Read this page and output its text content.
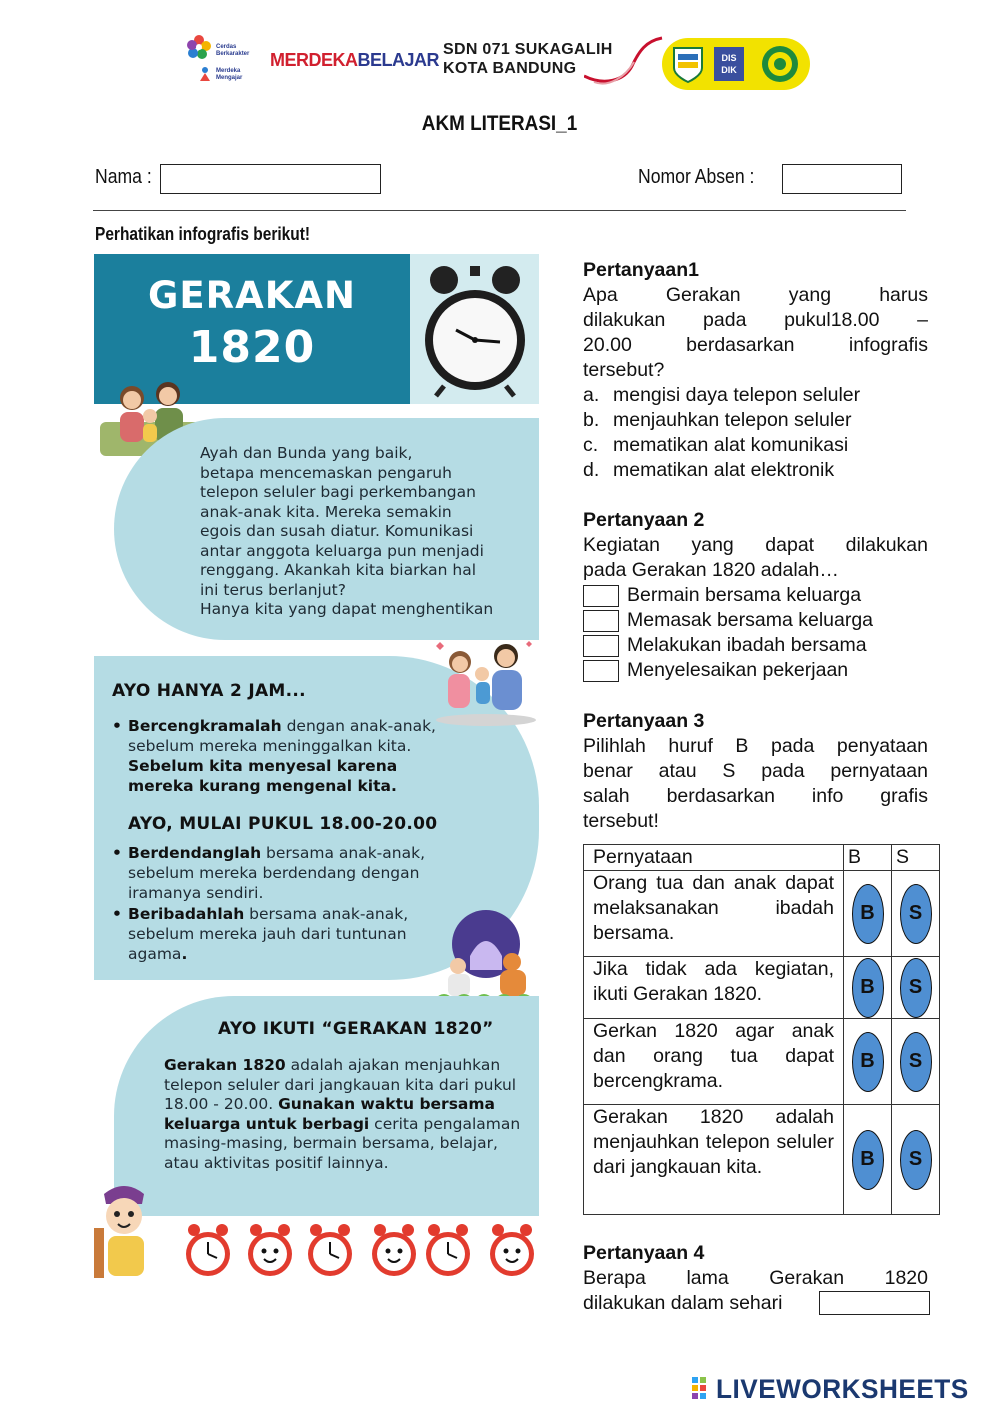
Cerdas
Berkarakter
Merdeka
Mengajar
MERDEKABELAJAR
SDN 071 SUKAGALIH
KOTA BANDUNG
DIS DIK
AKM LITERASI_1
Nama :	Nomor Absen :
Perhatikan infografis berikut!
GERAKAN
1820
Ayah dan Bunda yang baik,
betapa mencemaskan pengaruh
telepon seluler bagi perkembangan
anak-anak kita. Mereka semakin
egois dan susah diatur. Komunikasi
antar anggota keluarga pun menjadi
renggang. Akankah kita biarkan hal
ini terus berlanjut?
Hanya kita yang dapat menghentikan
AYO HANYA 2 JAM...
• Bercengkramalah dengan anak-anak, sebelum mereka meninggalkan kita. Sebelum kita menyesal karena mereka kurang mengenal kita.
AYO, MULAI PUKUL 18.00-20.00
• Berdendanglah bersama anak-anak, sebelum mereka berdendang dengan iramanya sendiri.
• Beribadahlah bersama anak-anak, sebelum mereka jauh dari tuntunan agama.
AYO IKUTI “GERAKAN 1820”
Gerakan 1820 adalah ajakan menjauhkan telepon seluler dari jangkauan kita dari pukul 18.00 - 20.00. Gunakan waktu bersama keluarga untuk berbagi cerita pengalaman masing-masing, bermain bersama, belajar, atau aktivitas positif lainnya.
Pertanyaan1
Apa Gerakan yang harus
dilakukan pada pukul18.00 –
20.00 berdasarkan infografis
tersebut?
a. mengisi daya telepon seluler
b. menjauhkan telepon seluler
c. mematikan alat komunikasi
d. mematikan alat elektronik
Pertanyaan 2
Kegiatan yang dapat dilakukan
pada Gerakan 1820 adalah…
Bermain bersama keluarga
Memasak bersama keluarga
Melakukan ibadah bersama
Menyelesaikan pekerjaan
Pertanyaan 3
Pilihlah huruf B pada penyataan
benar atau S pada pernyataan
salah berdasarkan info grafis
tersebut!
Pernyataan	B	S
Orang tua dan anak dapat melaksanakan ibadah bersama.	B	S

Jika tidak ada kegiatan, ikuti Gerakan 1820.	B	S

Gerkan 1820 agar anak dan orang tua dapat bercengkrama.	B	S

Gerakan 1820 adalah menjauhkan telepon seluler dari jangkauan kita.	B	S
Pertanyaan 4
Berapa lama Gerakan 1820
dilakukan dalam sehari
LIVEWORKSHEETS
